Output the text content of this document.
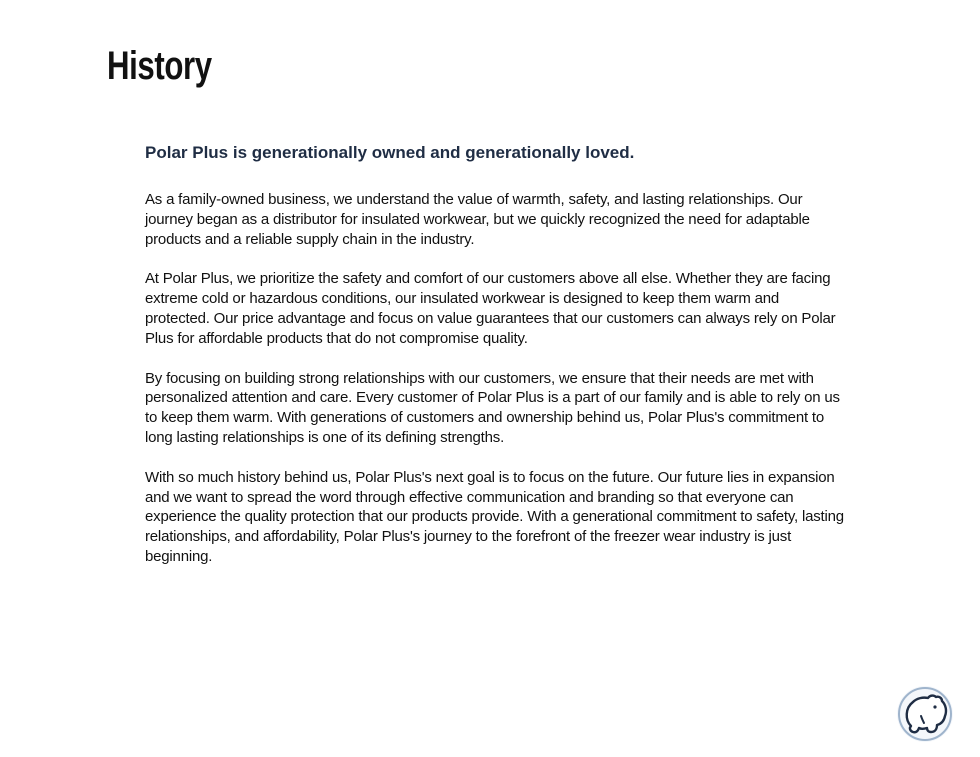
History
Polar Plus is generationally owned and generationally loved.

As a family-owned business, we understand the value of warmth, safety, and lasting relationships. Our journey began as a distributor for insulated workwear, but we quickly recognized the need for adaptable products and a reliable supply chain in the industry.

At Polar Plus, we prioritize the safety and comfort of our customers above all else. Whether they are facing extreme cold or hazardous conditions, our insulated workwear is designed to keep them warm and protected. Our price advantage and focus on value guarantees that our customers can always rely on Polar Plus for affordable products that do not compromise quality.

By focusing on building strong relationships with our customers, we ensure that their needs are met with personalized attention and care. Every customer of Polar Plus is a part of our family and is able to rely on us to keep them warm. With generations of customers and ownership behind us, Polar Plus's commitment to long lasting relationships is one of its defining strengths.

With so much history behind us, Polar Plus's next goal is to focus on the future. Our future lies in expansion and we want to spread the word through effective communication and branding so that everyone can experience the quality protection that our products provide. With a generational commitment to safety, lasting relationships, and affordability, Polar Plus's journey to the forefront of the freezer wear industry is just beginning.
